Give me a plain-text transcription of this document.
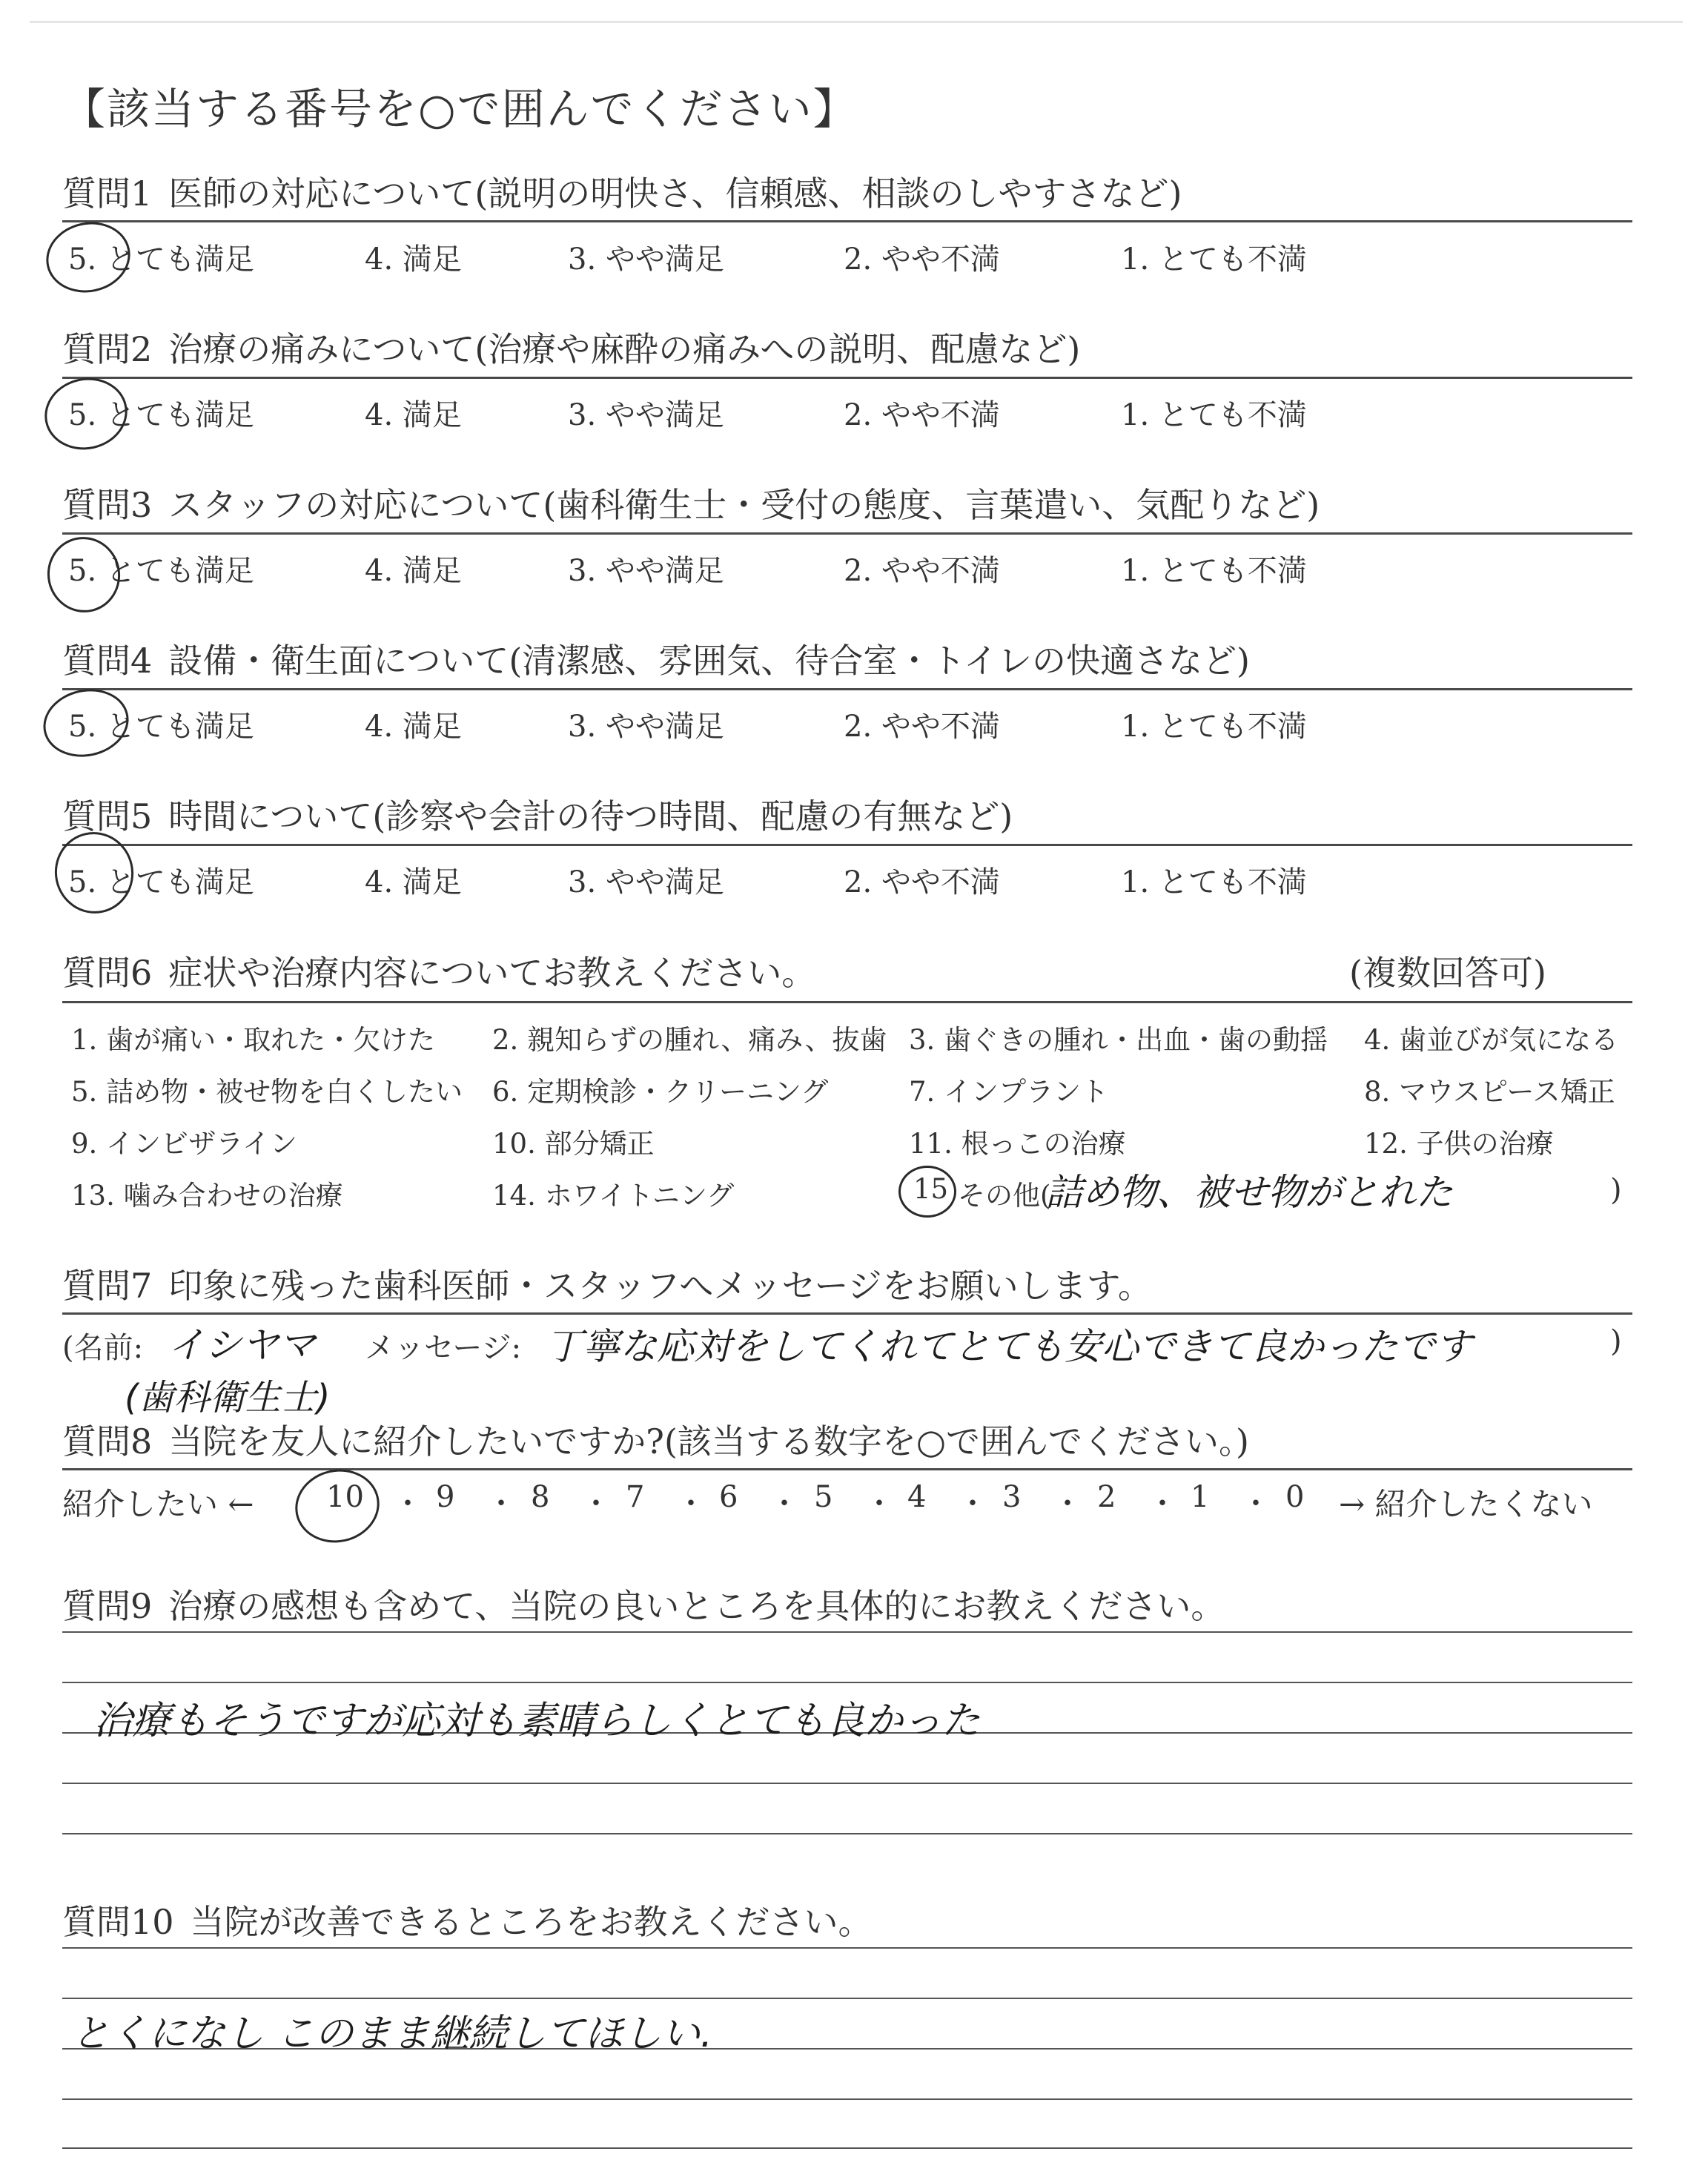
【該当する番号を○で囲んでください】
質問1 医師の対応について(説明の明快さ、信頼感、相談のしやすさなど)
5. とても満足	4. 満足	3. やや満足	2. やや不満	1. とても不満
質問2 治療の痛みについて(治療や麻酔の痛みへの説明、配慮など)
5. とても満足	4. 満足	3. やや満足	2. やや不満	1. とても不満
質問3 スタッフの対応について(歯科衛生士・受付の態度、言葉遣い、気配りなど)
5. とても満足	4. 満足	3. やや満足	2. やや不満	1. とても不満
質問4 設備・衛生面について(清潔感、雰囲気、待合室・トイレの快適さなど)
5. とても満足	4. 満足	3. やや満足	2. やや不満	1. とても不満
質問5 時間について(診察や会計の待つ時間、配慮の有無など)
5. とても満足	4. 満足	3. やや満足	2. やや不満	1. とても不満
質問6 症状や治療内容についてお教えください。	(複数回答可)
1. 歯が痛い・取れた・欠けた 2. 親知らずの腫れ、痛み、抜歯 3. 歯ぐきの腫れ・出血・歯の動揺 4. 歯並びが気になる
5. 詰め物・被せ物を白くしたい 6. 定期検診・クリーニング	7. インプラント	8. マウスピース矯正
9. インビザライン	10. 部分矯正	11. 根っこの治療	12. 子供の治療
13. 噛み合わせの治療	14. ホワイトニング	15 その他(
詰め物、被せ物がとれた	)
質問7 印象に残った歯科医師・スタッフへメッセージをお願いします。
(名前: イシヤマ
(歯科衛生士)
メッセージ: 丁寧な応対をしてくれてとても安心できて良かったです	)
質問8 当院を友人に紹介したいですか?(該当する数字を○で囲んでください。)
紹介したい ← 10 ・ 9 ・ 8 ・ 7 ・ 6 ・ 5 ・ 4 ・ 3 ・ 2 ・ 1 ・ 0 → 紹介したくない
質問9 治療の感想も含めて、当院の良いところを具体的にお教えください。
治療もそうですが応対も素晴らしくとても良かった
質問10 当院が改善できるところをお教えください。
とくになし このまま継続してほしい.
